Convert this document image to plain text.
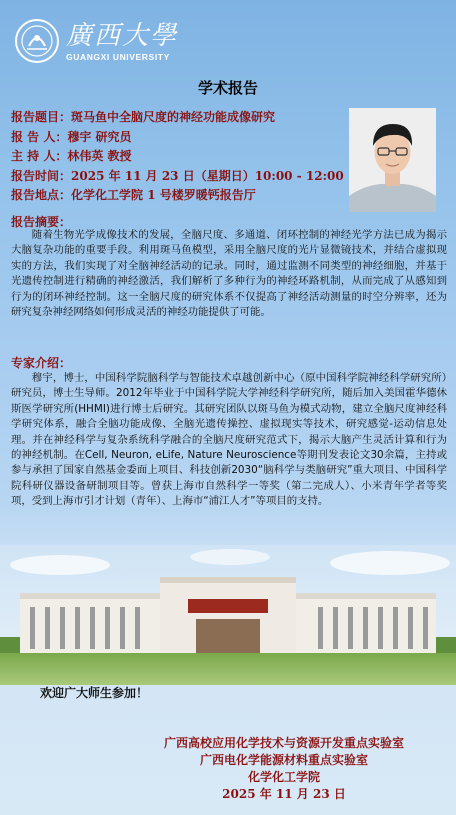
廣西大學
GUANGXI UNIVERSITY
学术报告
报告题目：斑马鱼中全脑尺度的神经功能成像研究
报 告 人：穆宇 研究员
主 持 人：林伟英 教授
报告时间：2025 年 11 月 23 日（星期日）10:00 - 12:00
报告地点：化学化工学院 1 号楼罗暖钙报告厅
报告摘要：
随着生物光学成像技术的发展，全脑尺度、多通道、闭环控制的神经光学方法已成为揭示大脑复杂功能的重要手段。利用斑马鱼模型，采用全脑尺度的光片显微镜技术，并结合虚拟现实的方法，我们实现了对全脑神经活动的记录。同时，通过监测不同类型的神经细胞，并基于光遗传控制进行精确的神经激活，我们解析了多种行为的神经环路机制，从而完成了从感知到行为的闭环神经控制。这一全脑尺度的研究体系不仅提高了神经活动测量的时空分辨率，还为研究复杂神经网络如何形成灵活的神经功能提供了可能。
专家介绍：
穆宇，博士，中国科学院脑科学与智能技术卓越创新中心（原中国科学院神经科学研究所）研究员，博士生导师。2012年毕业于中国科学院大学神经科学研究所，随后加入美国霍华德休斯医学研究所(HHMI)进行博士后研究。其研究团队以斑马鱼为模式动物，建立全脑尺度神经科学研究体系，融合全脑功能成像、全脑光遗传操控、虚拟现实等技术，研究感觉-运动信息处理。并在神经科学与复杂系统科学融合的全脑尺度研究范式下，揭示大脑产生灵活计算和行为的神经机制。在Cell, Neuron, eLife, Nature Neuroscience等期刊发表论文30余篇，主持或参与承担了国家自然基金委面上项目、科技创新2030“脑科学与类脑研究”重大项目、中国科学院科研仪器设备研制项目等。曾获上海市自然科学一等奖（第二完成人）、小米青年学者等奖项，受到上海市引才计划（青年）、上海市“浦江人才”等项目的支持。
欢迎广大师生参加！
广西高校应用化学技术与资源开发重点实验室
广西电化学能源材料重点实验室
化学化工学院
2025 年 11 月 23 日
